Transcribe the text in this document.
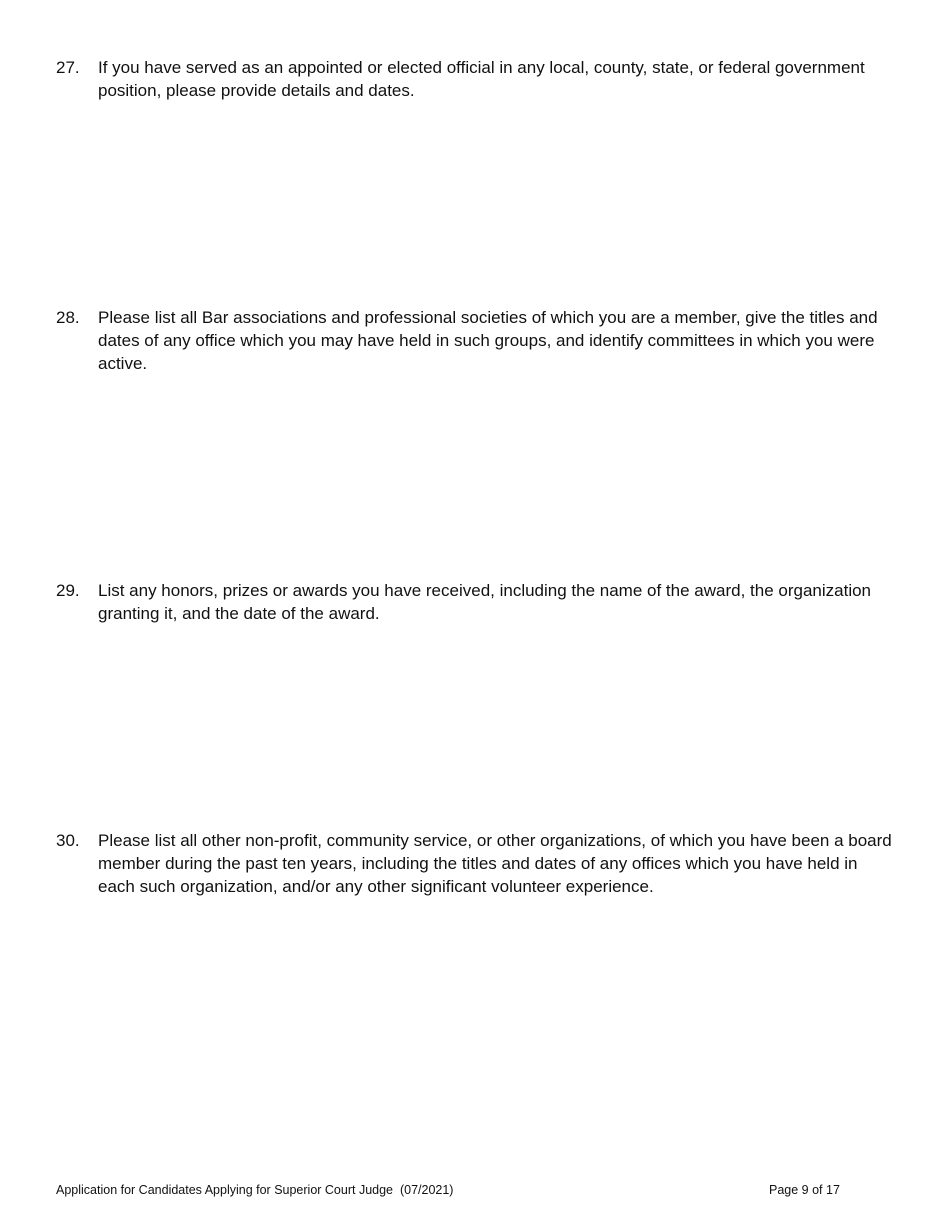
27.	If you have served as an appointed or elected official in any local, county, state, or federal government position, please provide details and dates.
28.	Please list all Bar associations and professional societies of which you are a member, give the titles and dates of any office which you may have held in such groups, and identify committees in which you were active.
29.	List any honors, prizes or awards you have received, including the name of the award, the organization granting it, and the date of the award.
30.	Please list all other non-profit, community service, or other organizations, of which you have been a board member during the past ten years, including the titles and dates of any offices which you have held in each such organization, and/or any other significant volunteer experience.
Application for Candidates Applying for Superior Court Judge  (07/2021)	Page 9 of 17
